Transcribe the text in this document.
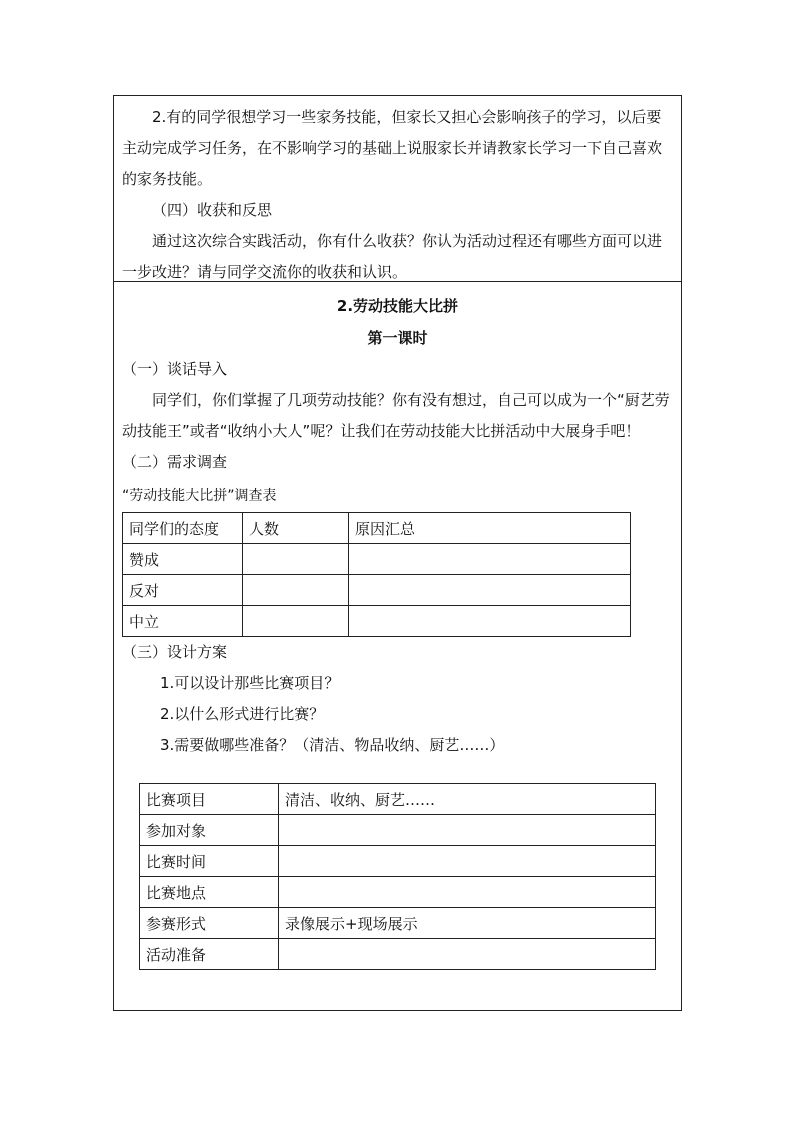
2.有的同学很想学习一些家务技能，但家长又担心会影响孩子的学习，以后要主动完成学习任务，在不影响学习的基础上说服家长并请教家长学习一下自己喜欢的家务技能。

（四）收获和反思

通过这次综合实践活动，你有什么收获？你认为活动过程还有哪些方面可以进一步改进？请与同学交流你的收获和认识。

2.劳动技能大比拼

第一课时

（一）谈话导入

同学们，你们掌握了几项劳动技能？你有没有想过，自己可以成为一个“厨艺劳动技能王”或者“收纳小大人”呢？让我们在劳动技能大比拼活动中大展身手吧！

（二）需求调查

“劳动技能大比拼”调查表

同学们的态度	人数	原因汇总
赞成		
反对		
中立		

（三）设计方案

1.可以设计那些比赛项目？

2.以什么形式进行比赛？

3.需要做哪些准备？（清洁、物品收纳、厨艺……）

比赛项目	清洁、收纳、厨艺……
参加对象	
比赛时间	
比赛地点	
参赛形式	录像展示+现场展示
活动准备	
